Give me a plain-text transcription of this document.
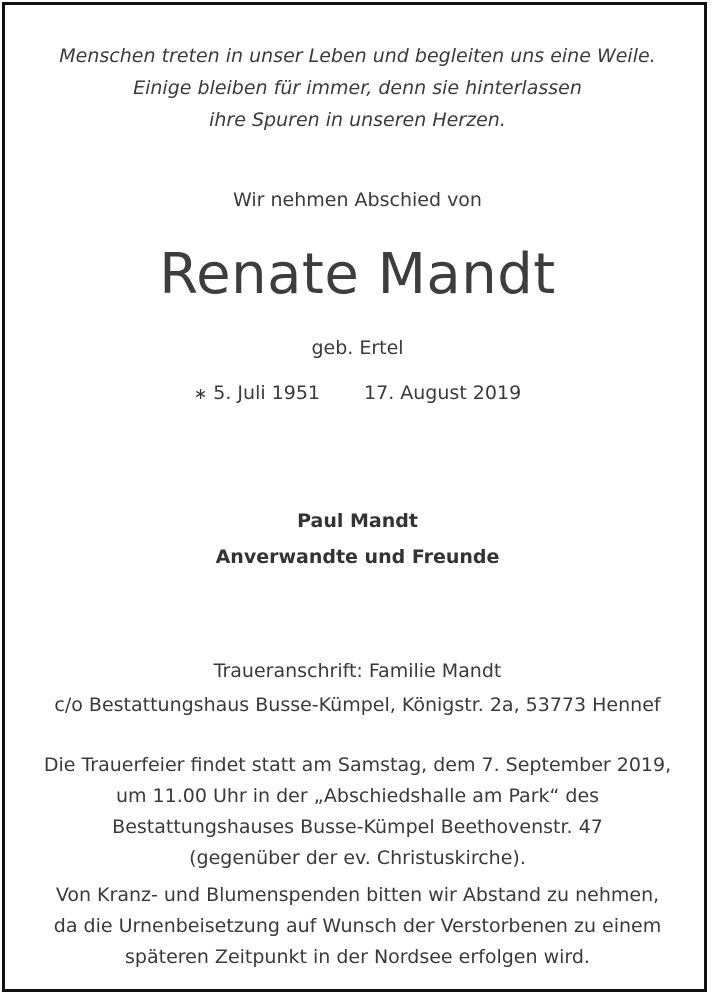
Menschen treten in unser Leben und begleiten uns eine Weile.
Einige bleiben für immer, denn sie hinterlassen
ihre Spuren in unseren Herzen.
Wir nehmen Abschied von
Renate Mandt
geb. Ertel
∗ 5. Juli 1951 17. August 2019
Paul Mandt
Anverwandte und Freunde
Traueranschrift: Familie Mandt
c/o Bestattungshaus Busse-Kümpel, Königstr. 2a, 53773 Hennef
Die Trauerfeier findet statt am Samstag, dem 7. September 2019,
um 11.00 Uhr in der „Abschiedshalle am Park“ des
Bestattungshauses Busse-Kümpel Beethovenstr. 47
(gegenüber der ev. Christuskirche).
Von Kranz- und Blumenspenden bitten wir Abstand zu nehmen,
da die Urnenbeisetzung auf Wunsch der Verstorbenen zu einem
späteren Zeitpunkt in der Nordsee erfolgen wird.
